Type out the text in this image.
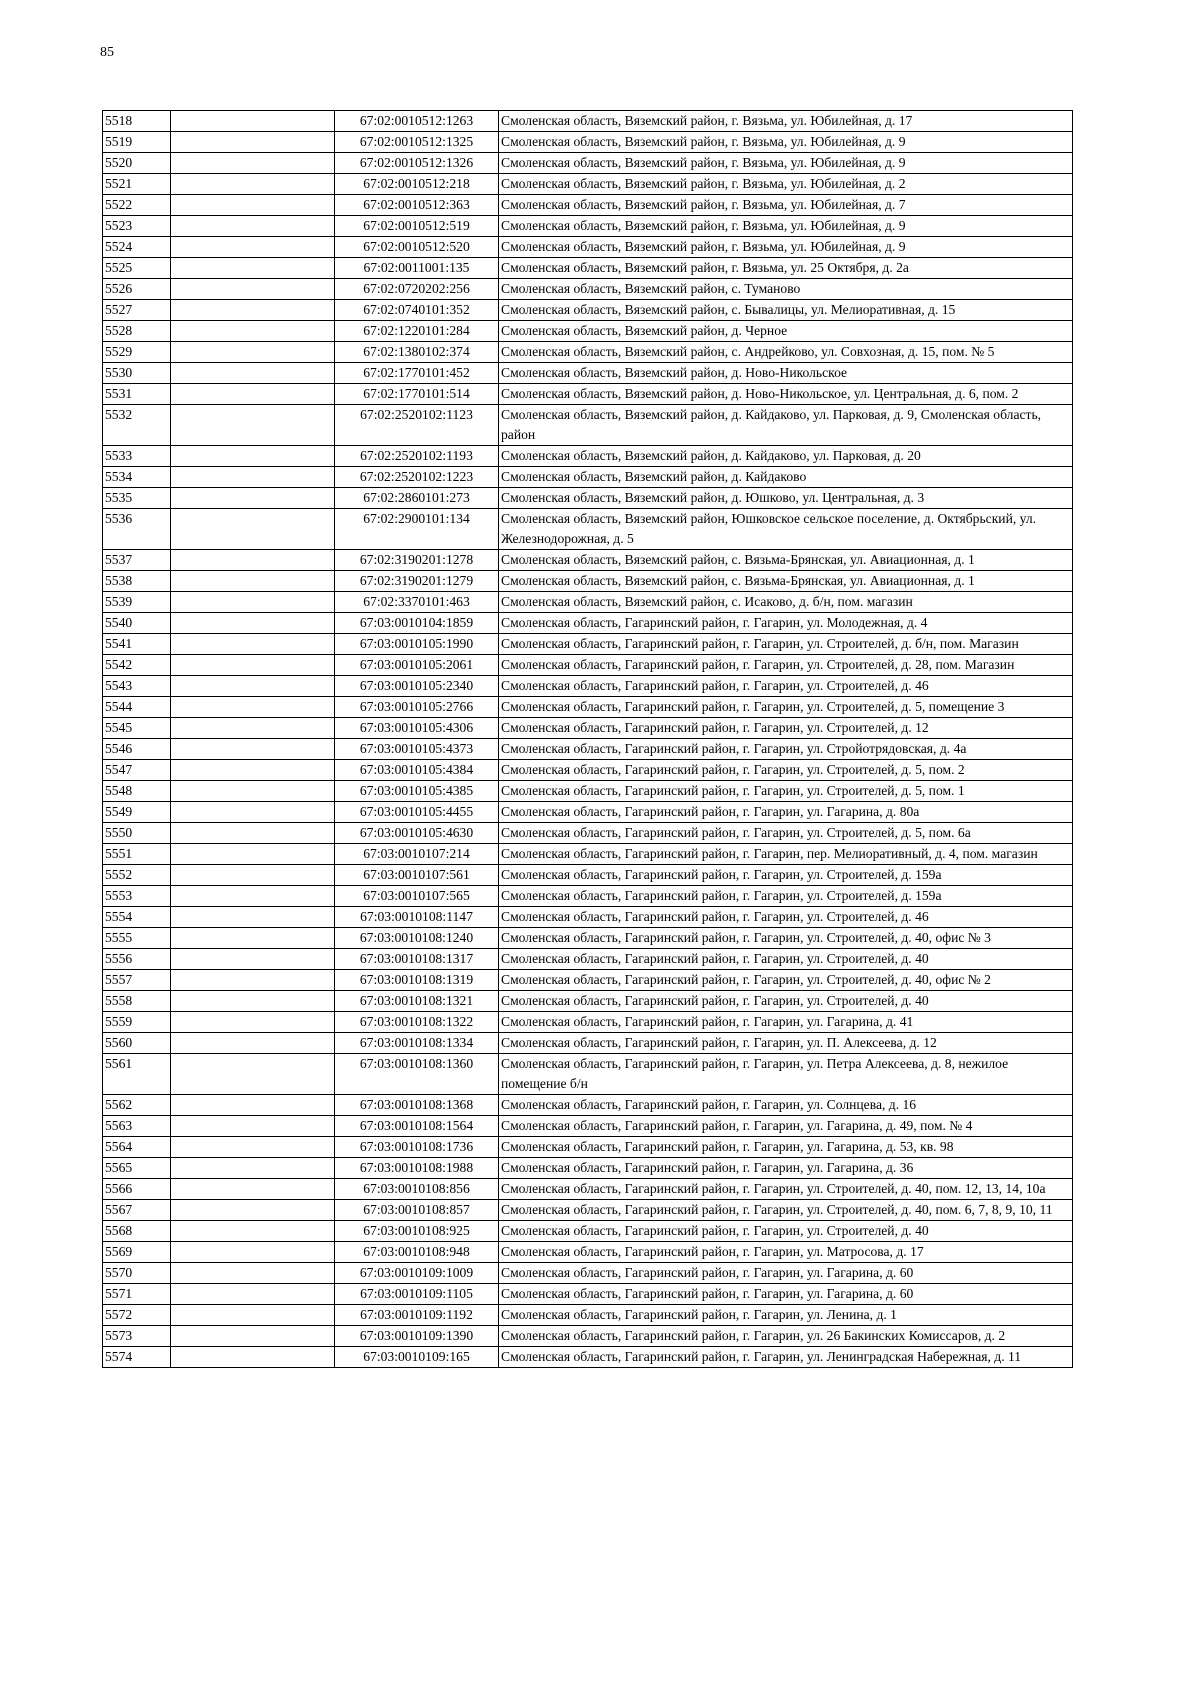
85
5518		67:02:0010512:1263	Смоленская область, Вяземский район, г. Вязьма, ул. Юбилейная, д. 17
5519		67:02:0010512:1325	Смоленская область, Вяземский район, г. Вязьма, ул. Юбилейная, д. 9
5520		67:02:0010512:1326	Смоленская область, Вяземский район, г. Вязьма, ул. Юбилейная, д. 9
5521		67:02:0010512:218	Смоленская область, Вяземский район, г. Вязьма, ул. Юбилейная, д. 2
5522		67:02:0010512:363	Смоленская область, Вяземский район, г. Вязьма, ул. Юбилейная, д. 7
5523		67:02:0010512:519	Смоленская область, Вяземский район, г. Вязьма, ул. Юбилейная, д. 9
5524		67:02:0010512:520	Смоленская область, Вяземский район, г. Вязьма, ул. Юбилейная, д. 9
5525		67:02:0011001:135	Смоленская область, Вяземский район, г. Вязьма, ул. 25 Октября, д. 2а
5526		67:02:0720202:256	Смоленская область, Вяземский район, с. Туманово
5527		67:02:0740101:352	Смоленская область, Вяземский район, с. Бывалицы, ул. Мелиоративная, д. 15
5528		67:02:1220101:284	Смоленская область, Вяземский район, д. Черное
5529		67:02:1380102:374	Смоленская область, Вяземский район, с. Андрейково, ул. Совхозная, д. 15, пом. № 5
5530		67:02:1770101:452	Смоленская область, Вяземский район, д. Ново-Никольское
5531		67:02:1770101:514	Смоленская область, Вяземский район, д. Ново-Никольское, ул. Центральная, д. 6, пом. 2
5532		67:02:2520102:1123	Смоленская область, Вяземский район, д. Кайдаково, ул. Парковая, д. 9, Смоленская область, район
5533		67:02:2520102:1193	Смоленская область, Вяземский район, д. Кайдаково, ул. Парковая, д. 20
5534		67:02:2520102:1223	Смоленская область, Вяземский район, д. Кайдаково
5535		67:02:2860101:273	Смоленская область, Вяземский район, д. Юшково, ул. Центральная, д. 3
5536		67:02:2900101:134	Смоленская область, Вяземский район, Юшковское сельское поселение, д. Октябрьский, ул. Железнодорожная, д. 5
5537		67:02:3190201:1278	Смоленская область, Вяземский район, с. Вязьма-Брянская, ул. Авиационная, д. 1
5538		67:02:3190201:1279	Смоленская область, Вяземский район, с. Вязьма-Брянская, ул. Авиационная, д. 1
5539		67:02:3370101:463	Смоленская область, Вяземский район, с. Исаково, д. б/н, пом. магазин
5540		67:03:0010104:1859	Смоленская область, Гагаринский район, г. Гагарин, ул. Молодежная, д. 4
5541		67:03:0010105:1990	Смоленская область, Гагаринский район, г. Гагарин, ул. Строителей, д. б/н, пом. Магазин
5542		67:03:0010105:2061	Смоленская область, Гагаринский район, г. Гагарин, ул. Строителей, д. 28, пом. Магазин
5543		67:03:0010105:2340	Смоленская область, Гагаринский район, г. Гагарин, ул. Строителей, д. 46
5544		67:03:0010105:2766	Смоленская область, Гагаринский район, г. Гагарин, ул. Строителей, д. 5, помещение 3
5545		67:03:0010105:4306	Смоленская область, Гагаринский район, г. Гагарин, ул. Строителей, д. 12
5546		67:03:0010105:4373	Смоленская область, Гагаринский район, г. Гагарин, ул. Стройотрядовская, д. 4а
5547		67:03:0010105:4384	Смоленская область, Гагаринский район, г. Гагарин, ул. Строителей, д. 5, пом. 2
5548		67:03:0010105:4385	Смоленская область, Гагаринский район, г. Гагарин, ул. Строителей, д. 5, пом. 1
5549		67:03:0010105:4455	Смоленская область, Гагаринский район, г. Гагарин, ул. Гагарина, д. 80а
5550		67:03:0010105:4630	Смоленская область, Гагаринский район, г. Гагарин, ул. Строителей, д. 5, пом. 6а
5551		67:03:0010107:214	Смоленская область, Гагаринский район, г. Гагарин, пер. Мелиоративный, д. 4, пом. магазин
5552		67:03:0010107:561	Смоленская область, Гагаринский район, г. Гагарин, ул. Строителей, д. 159а
5553		67:03:0010107:565	Смоленская область, Гагаринский район, г. Гагарин, ул. Строителей, д. 159а
5554		67:03:0010108:1147	Смоленская область, Гагаринский район, г. Гагарин, ул. Строителей, д. 46
5555		67:03:0010108:1240	Смоленская область, Гагаринский район, г. Гагарин, ул. Строителей, д. 40, офис № 3
5556		67:03:0010108:1317	Смоленская область, Гагаринский район, г. Гагарин, ул. Строителей, д. 40
5557		67:03:0010108:1319	Смоленская область, Гагаринский район, г. Гагарин, ул. Строителей, д. 40, офис № 2
5558		67:03:0010108:1321	Смоленская область, Гагаринский район, г. Гагарин, ул. Строителей, д. 40
5559		67:03:0010108:1322	Смоленская область, Гагаринский район, г. Гагарин, ул. Гагарина, д. 41
5560		67:03:0010108:1334	Смоленская область, Гагаринский район, г. Гагарин, ул. П. Алексеева, д. 12
5561		67:03:0010108:1360	Смоленская область, Гагаринский район, г. Гагарин, ул. Петра Алексеева, д. 8, нежилое помещение б/н
5562		67:03:0010108:1368	Смоленская область, Гагаринский район, г. Гагарин, ул. Солнцева, д. 16
5563		67:03:0010108:1564	Смоленская область, Гагаринский район, г. Гагарин, ул. Гагарина, д. 49, пом. № 4
5564		67:03:0010108:1736	Смоленская область, Гагаринский район, г. Гагарин, ул. Гагарина, д. 53, кв. 98
5565		67:03:0010108:1988	Смоленская область, Гагаринский район, г. Гагарин, ул. Гагарина, д. 36
5566		67:03:0010108:856	Смоленская область, Гагаринский район, г. Гагарин, ул. Строителей, д. 40, пом. 12, 13, 14, 10а
5567		67:03:0010108:857	Смоленская область, Гагаринский район, г. Гагарин, ул. Строителей, д. 40, пом. 6, 7, 8, 9, 10, 11
5568		67:03:0010108:925	Смоленская область, Гагаринский район, г. Гагарин, ул. Строителей, д. 40
5569		67:03:0010108:948	Смоленская область, Гагаринский район, г. Гагарин, ул. Матросова, д. 17
5570		67:03:0010109:1009	Смоленская область, Гагаринский район, г. Гагарин, ул. Гагарина, д. 60
5571		67:03:0010109:1105	Смоленская область, Гагаринский район, г. Гагарин, ул. Гагарина, д. 60
5572		67:03:0010109:1192	Смоленская область, Гагаринский район, г. Гагарин, ул. Ленина, д. 1
5573		67:03:0010109:1390	Смоленская область, Гагаринский район, г. Гагарин, ул. 26 Бакинских Комиссаров, д. 2
5574		67:03:0010109:165	Смоленская область, Гагаринский район, г. Гагарин, ул. Ленинградская Набережная, д. 11
